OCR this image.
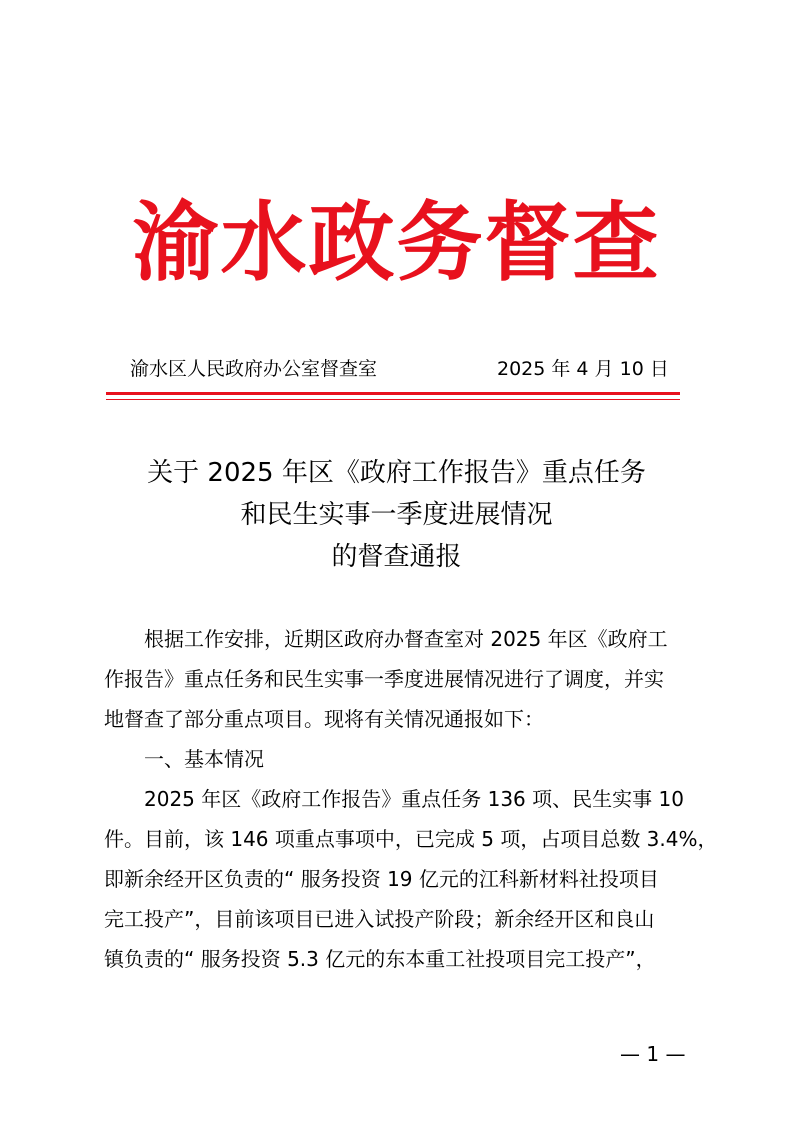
渝水政务督查
渝水区人民政府办公室督查室	2025 年 4 月 10 日
关于 2025 年区《政府工作报告》重点任务
和民生实事一季度进展情况
的督查通报
　　根据工作安排，近期区政府办督查室对 2025 年区《政府工
作报告》重点任务和民生实事一季度进展情况进行了调度，并实
地督查了部分重点项目。现将有关情况通报如下：
　　一、基本情况
　　2025 年区《政府工作报告》重点任务 136 项、民生实事 10
件。目前，该 146 项重点事项中，已完成 5 项，占项目总数 3.4%，
即新余经开区负责的“ 服务投资 19 亿元的江科新材料社投项目
完工投产”，目前该项目已进入试投产阶段；新余经开区和良山
镇负责的“ 服务投资 5.3 亿元的东本重工社投项目完工投产”，
— 1 —
